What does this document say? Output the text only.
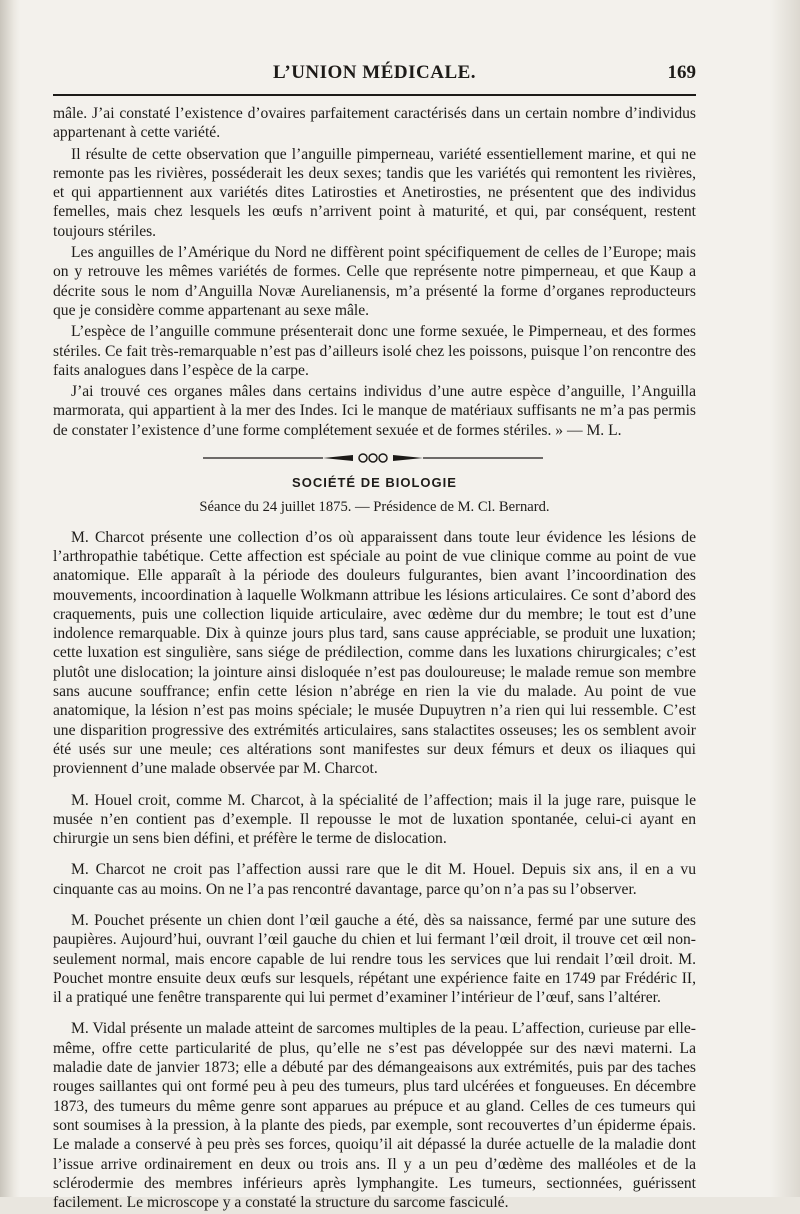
L’UNION MÉDICALE.	169

mâle. J’ai constaté l’existence d’ovaires parfaitement caractérisés dans un certain nombre d’individus appartenant à cette variété.

Il résulte de cette observation que l’anguille pimperneau, variété essentiellement marine, et qui ne remonte pas les rivières, posséderait les deux sexes; tandis que les variétés qui remontent les rivières, et qui appartiennent aux variétés dites Latirosties et Anetirosties, ne présentent que des individus femelles, mais chez lesquels les œufs n’arrivent point à maturité, et qui, par conséquent, restent toujours stériles.

Les anguilles de l’Amérique du Nord ne diffèrent point spécifiquement de celles de l’Europe; mais on y retrouve les mêmes variétés de formes. Celle que représente notre pimperneau, et que Kaup a décrite sous le nom d’Anguilla Novæ Aurelianensis, m’a présenté la forme d’organes reproducteurs que je considère comme appartenant au sexe mâle.

L’espèce de l’anguille commune présenterait donc une forme sexuée, le Pimperneau, et des formes stériles. Ce fait très-remarquable n’est pas d’ailleurs isolé chez les poissons, puisque l’on rencontre des faits analogues dans l’espèce de la carpe.

J’ai trouvé ces organes mâles dans certains individus d’une autre espèce d’anguille, l’Anguilla marmorata, qui appartient à la mer des Indes. Ici le manque de matériaux suffisants ne m’a pas permis de constater l’existence d’une forme complétement sexuée et de formes stériles. » — M. L.

SOCIÉTÉ DE BIOLOGIE
Séance du 24 juillet 1875. — Présidence de M. Cl. Bernard.

M. Charcot présente une collection d’os où apparaissent dans toute leur évidence les lésions de l’arthropathie tabétique. Cette affection est spéciale au point de vue clinique comme au point de vue anatomique. Elle apparaît à la période des douleurs fulgurantes, bien avant l’incoordination des mouvements, incoordination à laquelle Wolkmann attribue les lésions articulaires. Ce sont d’abord des craquements, puis une collection liquide articulaire, avec œdème dur du membre; le tout est d’une indolence remarquable. Dix à quinze jours plus tard, sans cause appréciable, se produit une luxation; cette luxation est singulière, sans siége de prédilection, comme dans les luxations chirurgicales; c’est plutôt une dislocation; la jointure ainsi disloquée n’est pas douloureuse; le malade remue son membre sans aucune souffrance; enfin cette lésion n’abrége en rien la vie du malade. Au point de vue anatomique, la lésion n’est pas moins spéciale; le musée Dupuytren n’a rien qui lui ressemble. C’est une disparition progressive des extrémités articulaires, sans stalactites osseuses; les os semblent avoir été usés sur une meule; ces altérations sont manifestes sur deux fémurs et deux os iliaques qui proviennent d’une malade observée par M. Charcot.

M. Houel croit, comme M. Charcot, à la spécialité de l’affection; mais il la juge rare, puisque le musée n’en contient pas d’exemple. Il repousse le mot de luxation spontanée, celui-ci ayant en chirurgie un sens bien défini, et préfère le terme de dislocation.

M. Charcot ne croit pas l’affection aussi rare que le dit M. Houel. Depuis six ans, il en a vu cinquante cas au moins. On ne l’a pas rencontré davantage, parce qu’on n’a pas su l’observer.

M. Pouchet présente un chien dont l’œil gauche a été, dès sa naissance, fermé par une suture des paupières. Aujourd’hui, ouvrant l’œil gauche du chien et lui fermant l’œil droit, il trouve cet œil non-seulement normal, mais encore capable de lui rendre tous les services que lui rendait l’œil droit. M. Pouchet montre ensuite deux œufs sur lesquels, répétant une expérience faite en 1749 par Frédéric II, il a pratiqué une fenêtre transparente qui lui permet d’examiner l’intérieur de l’œuf, sans l’altérer.

M. Vidal présente un malade atteint de sarcomes multiples de la peau. L’affection, curieuse par elle-même, offre cette particularité de plus, qu’elle ne s’est pas développée sur des nævi materni. La maladie date de janvier 1873; elle a débuté par des démangeaisons aux extrémités, puis par des taches rouges saillantes qui ont formé peu à peu des tumeurs, plus tard ulcérées et fongueuses. En décembre 1873, des tumeurs du même genre sont apparues au prépuce et au gland. Celles de ces tumeurs qui sont soumises à la pression, à la plante des pieds, par exemple, sont recouvertes d’un épiderme épais. Le malade a conservé à peu près ses forces, quoiqu’il ait dépassé la durée actuelle de la maladie dont l’issue arrive ordinairement en deux ou trois ans. Il y a un peu d’œdème des malléoles et de la sclérodermie des membres inférieurs après lymphangite. Les tumeurs, sectionnées, guérissent facilement. Le microscope y a constaté la structure du sarcome fasciculé.
